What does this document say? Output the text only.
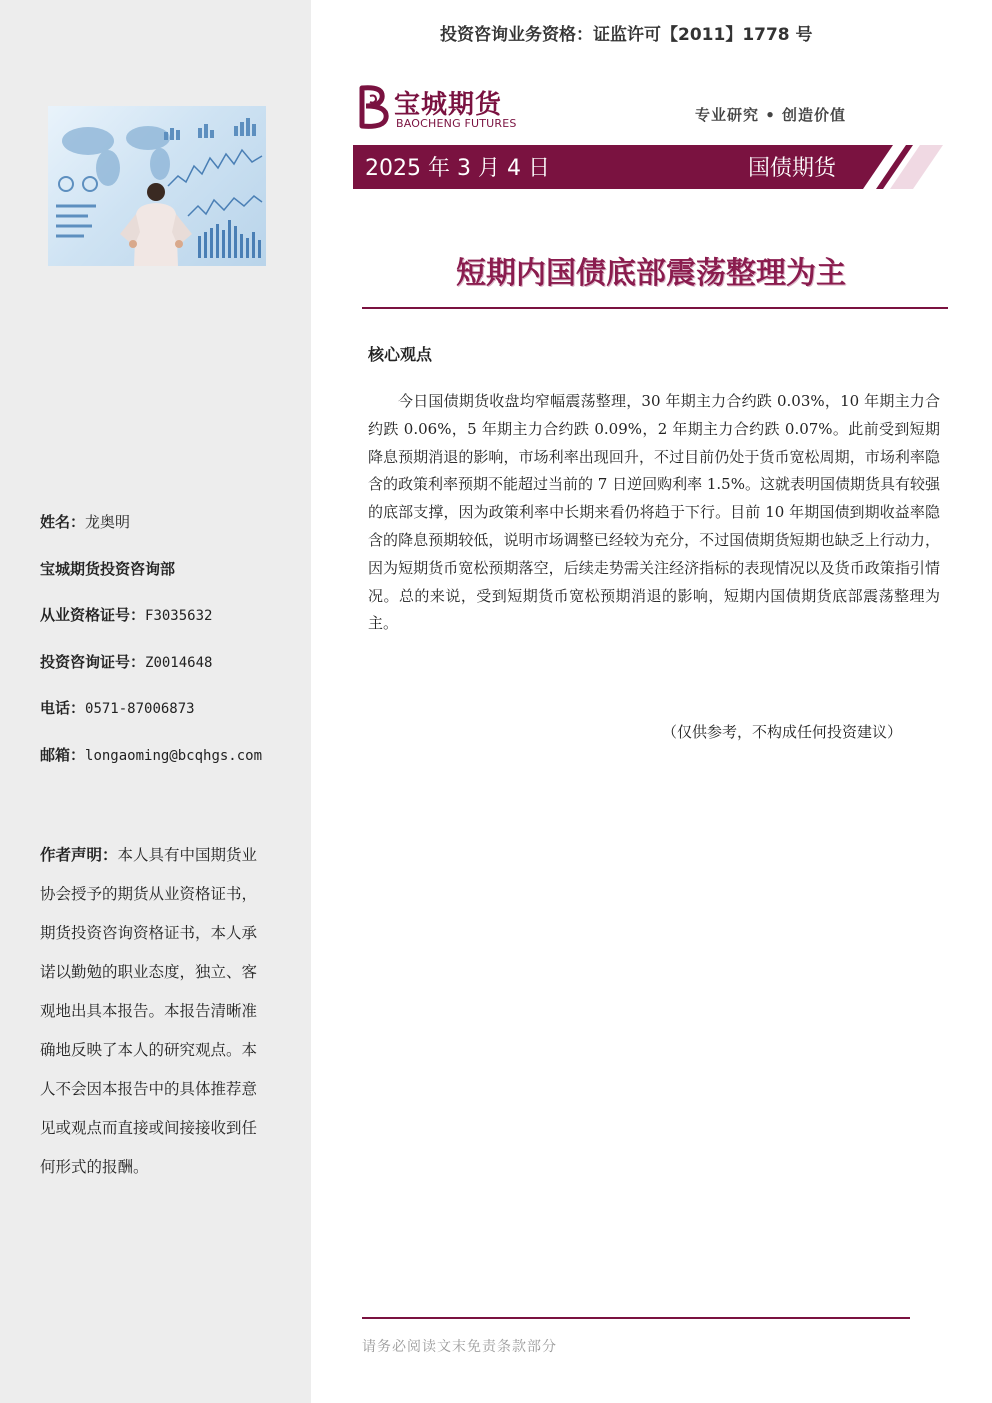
姓名：龙奥明
宝城期货投资咨询部
从业资格证号：F3035632
投资咨询证号：Z0014648
电话：0571-87006873
邮箱：longaoming@bcqhgs.com
作者声明：本人具有中国期货业协会授予的期货从业资格证书，期货投资咨询资格证书，本人承诺以勤勉的职业态度，独立、客观地出具本报告。本报告清晰准确地反映了本人的研究观点。本人不会因本报告中的具体推荐意见或观点而直接或间接接收到任何形式的报酬。
投资咨询业务资格：证监许可【2011】1778 号
宝城期货
BAOCHENG FUTURES	专业研究 • 创造价值
2025 年 3 月 4 日	国债期货
短期内国债底部震荡整理为主
核心观点
今日国债期货收盘均窄幅震荡整理，30 年期主力合约跌 0.03%，10 年期主力合约跌 0.06%，5 年期主力合约跌 0.09%，2 年期主力合约跌 0.07%。此前受到短期降息预期消退的影响，市场利率出现回升，不过目前仍处于货币宽松周期，市场利率隐含的政策利率预期不能超过当前的 7 日逆回购利率 1.5%。这就表明国债期货具有较强的底部支撑，因为政策利率中长期来看仍将趋于下行。目前 10 年期国债到期收益率隐含的降息预期较低，说明市场调整已经较为充分，不过国债期货短期也缺乏上行动力，因为短期货币宽松预期落空，后续走势需关注经济指标的表现情况以及货币政策指引情况。总的来说，受到短期货币宽松预期消退的影响，短期内国债期货底部震荡整理为主。
（仅供参考，不构成任何投资建议）
请务必阅读文末免责条款部分
